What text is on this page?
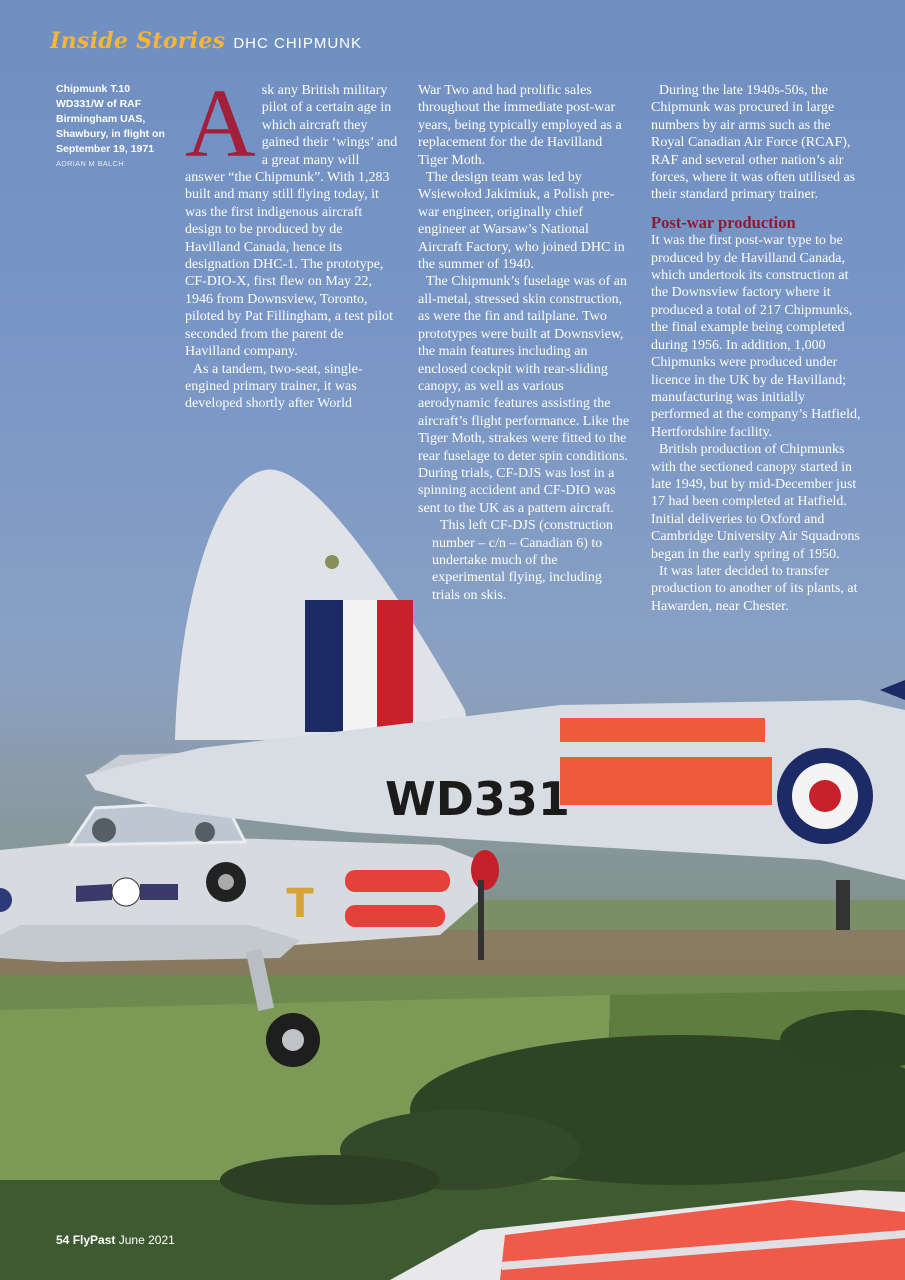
T
WD331
Inside Stories DHC CHIPMUNK
Chipmunk T.10 WD331/W of RAF Birmingham UAS, Shawbury, in flight on September 19, 1971
ADRIAN M BALCH Ask any British military pilot of a certain age in which aircraft they gained their ‘wings’ and a great many will answer “the Chipmunk”. With 1,283 built and many still flying today, it was the first indigenous aircraft design to be produced by de Havilland Canada, hence its designation DHC-1. The prototype, CF-DIO-X, first flew on May 22, 1946 from Downsview, Toronto, piloted by Pat Fillingham, a test pilot seconded from the parent de Havilland company.

As a tandem, two-seat, single-engined primary trainer, it was developed shortly after World

War Two and had prolific sales throughout the immediate post-war years, being typically employed as a replacement for the de Havilland Tiger Moth.

The design team was led by Wsiewołod Jakimiuk, a Polish pre-war engineer, originally chief engineer at Warsaw’s National Aircraft Factory, who joined DHC in the summer of 1940.

The Chipmunk’s fuselage was of an all-metal, stressed skin construction, as were the fin and tailplane. Two prototypes were built at Downsview, the main features including an enclosed cockpit with rear-sliding canopy, as well as various aerodynamic features assisting the aircraft’s flight performance. Like the Tiger Moth, strakes were fitted to the rear fuselage to deter spin conditions. During trials, CF-DJS was lost in a spinning accident and CF-DIO was sent to the UK as a pattern aircraft.

This left CF-DJS (construction number – c/n – Canadian 6) to undertake much of the experimental flying, including trials on skis.

During the late 1940s-50s, the Chipmunk was procured in large numbers by air arms such as the Royal Canadian Air Force (RCAF), RAF and several other nation’s air forces, where it was often utilised as their standard primary trainer.

Post-war production

It was the first post-war type to be produced by de Havilland Canada, which undertook its construction at the Downsview factory where it produced a total of 217 Chipmunks, the final example being completed during 1956. In addition, 1,000 Chipmunks were produced under licence in the UK by de Havilland; manufacturing was initially performed at the company’s Hatfield, Hertfordshire facility.

British production of Chipmunks with the sectioned canopy started in late 1949, but by mid-December just 17 had been completed at Hatfield. Initial deliveries to Oxford and Cambridge University Air Squadrons began in the early spring of 1950.

It was later decided to transfer production to another of its plants, at Hawarden, near Chester.

54 FlyPast June 2021
